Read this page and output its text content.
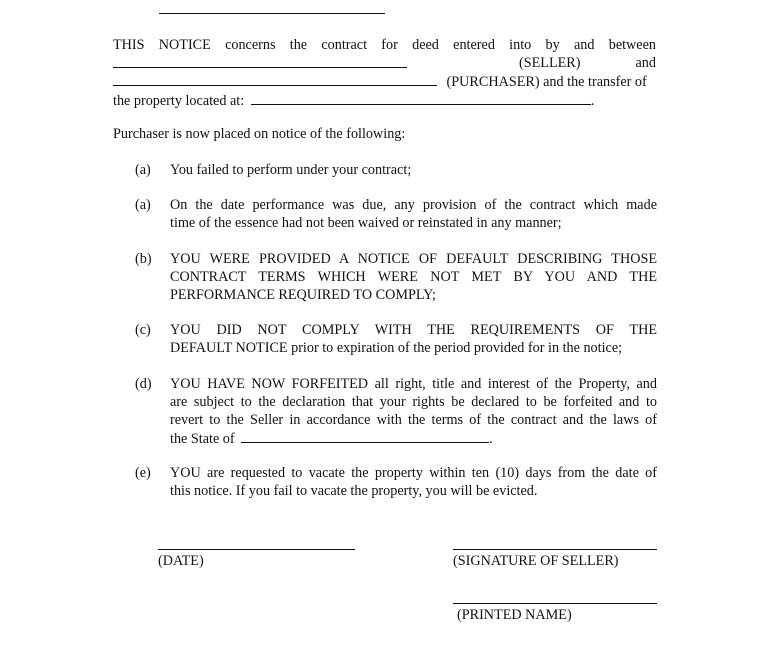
THIS NOTICE concerns the contract for deed entered into by and between
(SELLER)	and
(PURCHASER) and the transfer of
the property located at:	.
Purchaser is now placed on notice of the following:
(a) You failed to perform under your contract;
(a) On the date performance was due, any provision of the contract which made
time of the essence had not been waived or reinstated in any manner;
(b) YOU WERE PROVIDED A NOTICE OF DEFAULT DESCRIBING THOSE
CONTRACT TERMS WHICH WERE NOT MET BY YOU AND THE
PERFORMANCE REQUIRED TO COMPLY;
(c) YOU DID NOT COMPLY WITH THE REQUIREMENTS OF THE
DEFAULT NOTICE prior to expiration of the period provided for in the notice;
(d) YOU HAVE NOW FORFEITED all right, title and interest of the Property, and
are subject to the declaration that your rights be declared to be forfeited and to
revert to the Seller in accordance with the terms of the contract and the laws of
the State of	.
(e) YOU are requested to vacate the property within ten (10) days from the date of
this notice. If you fail to vacate the property, you will be evicted.
(DATE)	(SIGNATURE OF SELLER)
(PRINTED NAME)
